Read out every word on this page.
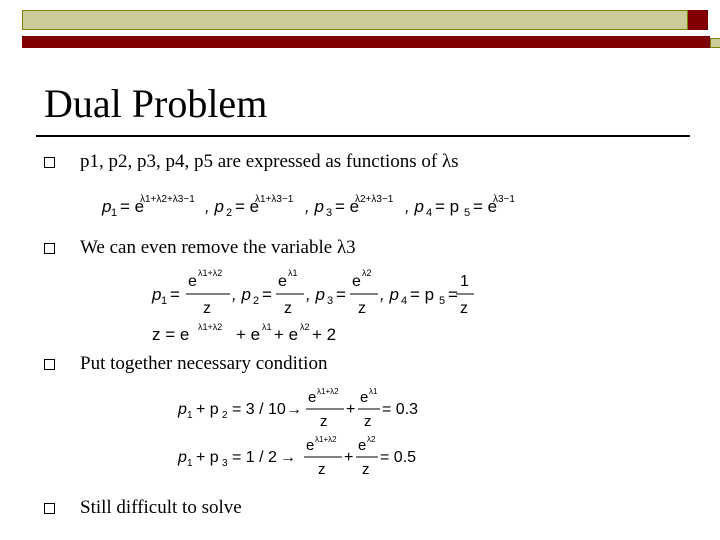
Dual Problem
p1, p2, p3, p4, p5 are expressed as functions of λs
p 1 = e
λ1+λ2+λ3−1 , p 2 = e
λ1+λ3−1 , p 3 = e
λ2+λ3−1 , p 4 = p 5 = e
λ3−1
We can even remove the variable λ3
p 1 =
e λ1+λ2
z
, p 2 =
e λ1
z
, p 3 =
e λ2
z
, p 4 = p 5 =
1
z
z = e λ1+λ2 + e λ1 + e λ2 + 2
Put together necessary condition
p 1 + p 2 = 3 / 10 →
e λ1+λ2
z
+
e λ1
z
= 0.3
p 1 + p 3 = 1 / 2 →
e λ1+λ2
z
+
e λ2
z
= 0.5
Still difficult to solve
